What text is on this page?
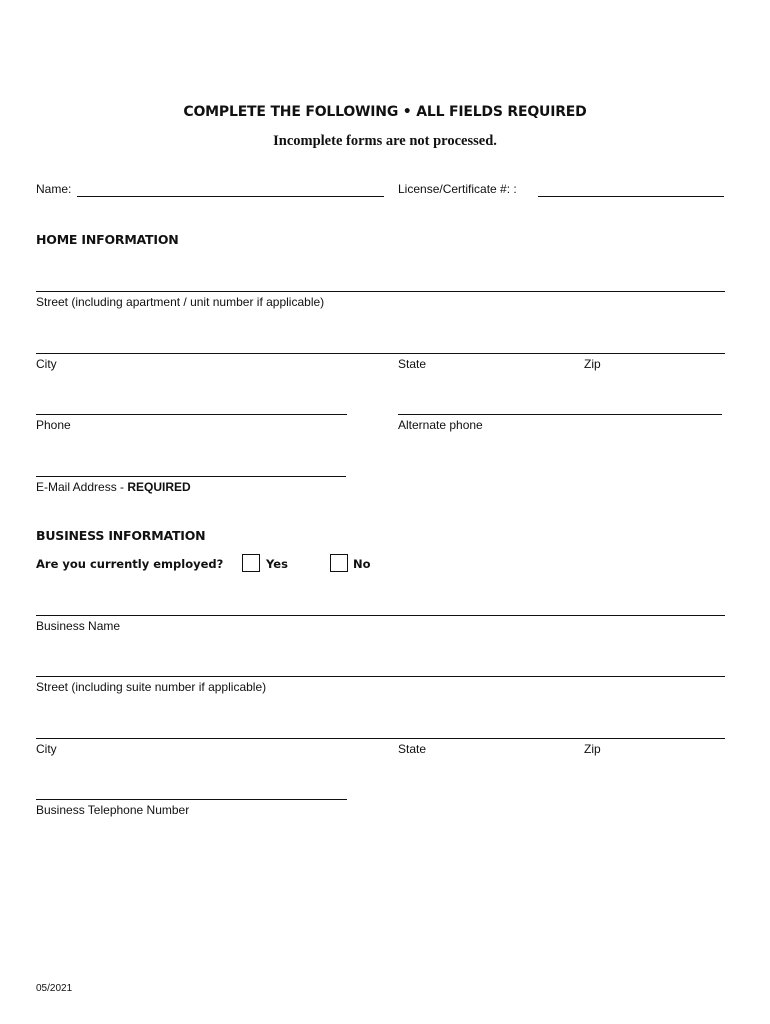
COMPLETE THE FOLLOWING • ALL FIELDS REQUIRED
Incomplete forms are not processed.
Name:	License/Certificate #: :
HOME INFORMATION
Street (including apartment / unit number if applicable)
City	State	Zip
Phone	Alternate phone
E-Mail Address - REQUIRED
BUSINESS INFORMATION
Are you currently employed?	Yes	No
Business Name
Street (including suite number if applicable)
City	State	Zip
Business Telephone Number
05/2021
